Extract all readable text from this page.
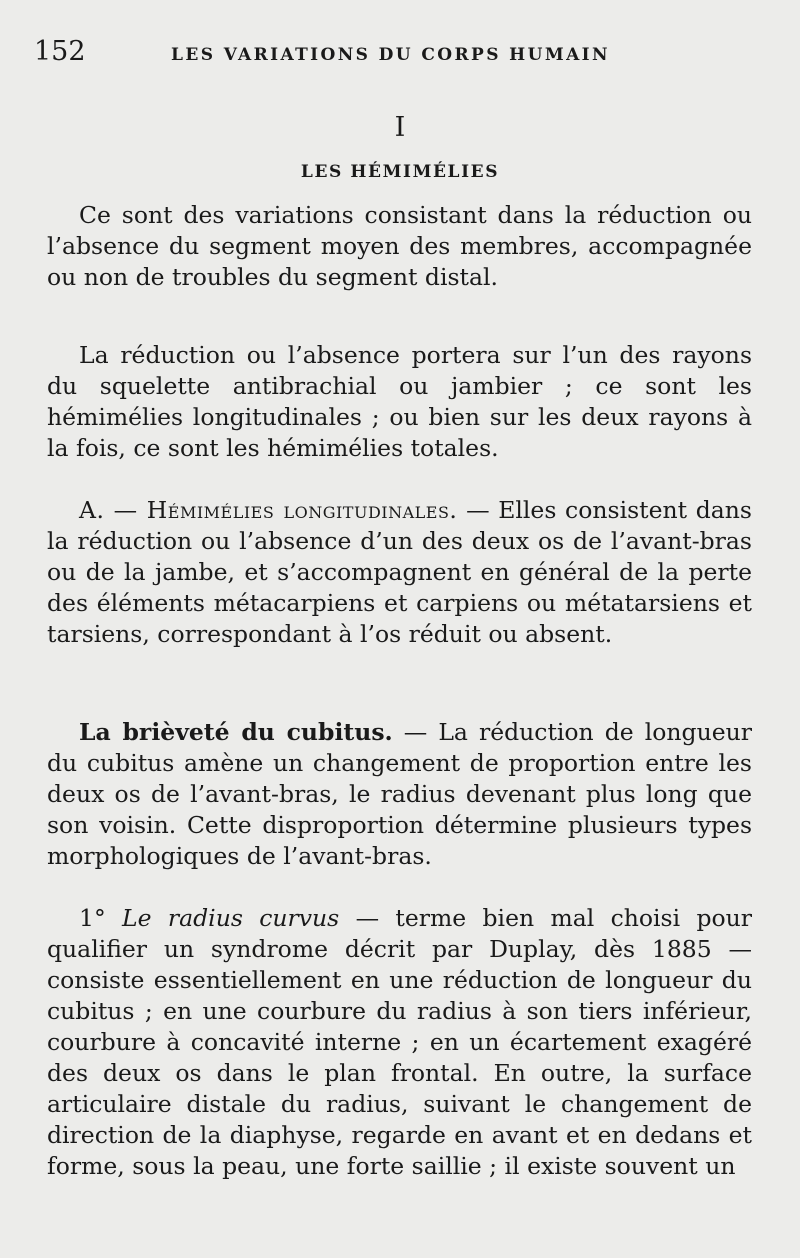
152	LES VARIATIONS DU CORPS HUMAIN
I
LES HÉMIMÉLIES

Ce sont des variations consistant dans la réduction ou l’absence du segment moyen des membres, accompagnée ou non de troubles du segment distal.

La réduction ou l’absence portera sur l’un des rayons du squelette antibrachial ou jambier ; ce sont les hémimélies longitudinales ; ou bien sur les deux rayons à la fois, ce sont les hémimélies totales.

A. — Hémimélies longitudinales. — Elles consistent dans la réduction ou l’absence d’un des deux os de l’avant-bras ou de la jambe, et s’accompagnent en général de la perte des éléments métacarpiens et carpiens ou métatarsiens et tarsiens, correspondant à l’os réduit ou absent.

La brièveté du cubitus. — La réduction de longueur du cubitus amène un changement de proportion entre les deux os de l’avant-bras, le radius devenant plus long que son voisin. Cette disproportion détermine plusieurs types morphologiques de l’avant-bras.

1° Le radius curvus — terme bien mal choisi pour qualifier un syndrome décrit par Duplay, dès 1885 — consiste essentiellement en une réduction de longueur du cubitus ; en une courbure du radius à son tiers inférieur, courbure à concavité interne ; en un écartement exagéré des deux os dans le plan frontal. En outre, la surface articulaire distale du radius, suivant le changement de direction de la diaphyse, regarde en avant et en dedans et forme, sous la peau, une forte saillie ; il existe souvent un
